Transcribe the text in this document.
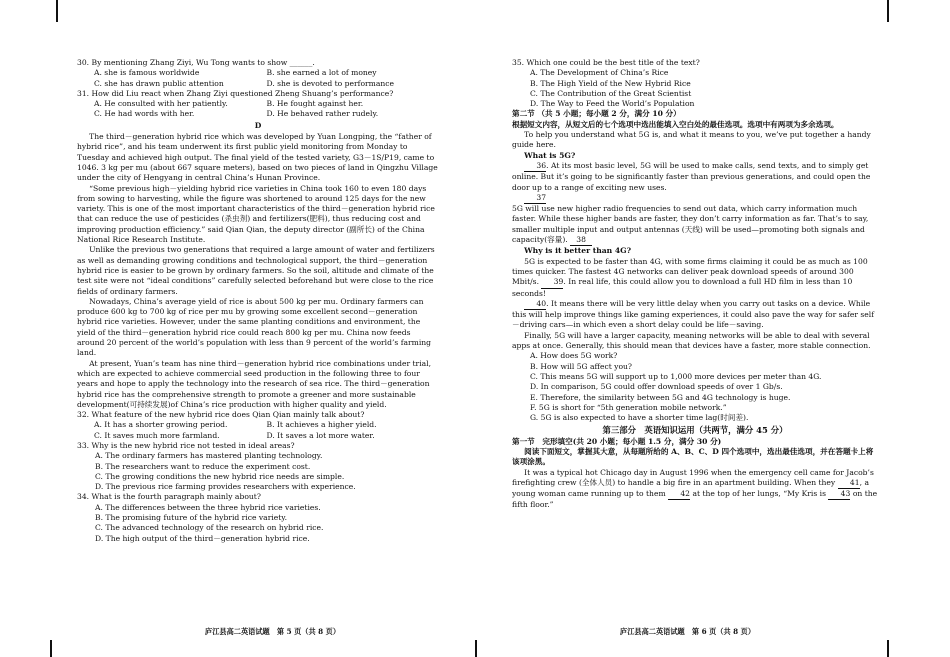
30. By mentioning Zhang Ziyi, Wu Tong wants to show ______.

A. she is famous worldwide	B. she earned a lot of money
C. she has drawn public attention	D. she is devoted to performance

31. How did Liu react when Zhang Ziyi questioned Zheng Shuang’s performance?

A. He consulted with her patiently.	B. He fought against her.
C. He had words with her.	D. He behaved rather rudely.

D

The third－generation hybrid rice which was developed by Yuan Longping, the “father of hybrid rice”, and his team underwent its first public yield monitoring from Monday to Tuesday and achieved high output. The final yield of the tested variety, G3－1S/P19, came to 1046. 3 kg per mu (about 667 square meters), based on two pieces of land in Qingzhu Village under the city of Hengyang in central China’s Hunan Province.

“Some previous high－yielding hybrid rice varieties in China took 160 to even 180 days from sowing to harvesting, while the figure was shortened to around 125 days for the new variety. This is one of the most important characteristics of the third－generation hybrid rice that can reduce the use of pesticides (杀虫剂) and fertilizers(肥料), thus reducing cost and improving production efficiency.” said Qian Qian, the deputy director (副所长) of the China National Rice Research Institute.

Unlike the previous two generations that required a large amount of water and fertilizers as well as demanding growing conditions and technological support, the third－generation hybrid rice is easier to be grown by ordinary farmers. So the soil, altitude and climate of the test site were not “ideal conditions” carefully selected beforehand but were close to the rice fields of ordinary farmers.

Nowadays, China’s average yield of rice is about 500 kg per mu. Ordinary farmers can produce 600 kg to 700 kg of rice per mu by growing some excellent second－generation hybrid rice varieties. However, under the same planting conditions and environment, the yield of the third－generation hybrid rice could reach 800 kg per mu. China now feeds around 20 percent of the world’s population with less than 9 percent of the world’s farming land.

At present, Yuan’s team has nine third－generation hybrid rice combinations under trial, which are expected to achieve commercial seed production in the following three to four years and hope to apply the technology into the research of sea rice. The third－generation hybrid rice has the comprehensive strength to promote a greener and more sustainable development(可持续发展)of China’s rice production with higher quality and yield.

32. What feature of the new hybrid rice does Qian Qian mainly talk about?

A. It has a shorter growing period.	B. It achieves a higher yield.
C. It saves much more farmland.	D. It saves a lot more water.

33. Why is the new hybrid rice not tested in ideal areas?

A. The ordinary farmers has mastered planting technology.

B. The researchers want to reduce the experiment cost.

C. The growing conditions the new hybrid rice needs are simple.

D. The previous rice farming provides researchers with experience.

34. What is the fourth paragraph mainly about?

A. The differences between the three hybrid rice varieties.

B. The promising future of the hybrid rice variety.

C. The advanced technology of the research on hybrid rice.

D. The high output of the third－generation hybrid rice.

庐江县高二英语试题　第 5 页（共 8 页）

35. Which one could be the best title of the text?

A. The Development of China’s Rice

B. The High Yield of the New Hybrid Rice

C. The Contribution of the Great Scientist

D. The Way to Feed the World’s Population

第二节 （共 5 小题；每小题 2 分，满分 10 分）

根据短文内容，从短文后的七个选项中选出能填入空白处的最佳选项。选项中有两项为多余选项。

To help you understand what 5G is, and what it means to you, we’ve put together a handy guide here.

What is 5G?

36. At its most basic level, 5G will be used to make calls, send texts, and to simply get online. But it’s going to be significantly faster than previous generations, and could open the door up to a range of exciting new uses.

37

5G will use new higher radio frequencies to send out data, which carry information much faster. While these higher bands are faster, they don’t carry information as far. That’s to say, smaller multiple input and output antennas (天线) will be used—promoting both signals and capacity(容量). 38

Why is it better than 4G?

5G is expected to be faster than 4G, with some firms claiming it could be as much as 100 times quicker. The fastest 4G networks can deliver peak download speeds of around 300 Mbit/s. 39. In real life, this could allow you to download a full HD film in less than 10 seconds!

40. It means there will be very little delay when you carry out tasks on a device. While this will help improve things like gaming experiences, it could also pave the way for safer self－driving cars—in which even a short delay could be life－saving.

Finally, 5G will have a larger capacity, meaning networks will be able to deal with several apps at once. Generally, this should mean that devices have a faster, more stable connection.

A. How does 5G work?

B. How will 5G affect you?

C. This means 5G will support up to 1,000 more devices per meter than 4G.

D. In comparison, 5G could offer download speeds of over 1 Gb/s.

E. Therefore, the similarity between 5G and 4G technology is huge.

F. 5G is short for “5th generation mobile network.”

G. 5G is also expected to have a shorter time lag(时间差).

第三部分　英语知识运用（共两节，满分 45 分）

第一节　完形填空(共 20 小题；每小题 1.5 分，满分 30 分)

阅读下面短文，掌握其大意，从每题所给的 A、B、C、D 四个选项中，选出最佳选项，并在答题卡上将该项涂黑。

It was a typical hot Chicago day in August 1996 when the emergency cell came for Jacob’s firefighting crew (全体人员) to handle a big fire in an apartment building. When they 41, a young woman came running up to them 42 at the top of her lungs, “My Kris is 43 on the fifth floor.”

庐江县高二英语试题　第 6 页（共 8 页）
